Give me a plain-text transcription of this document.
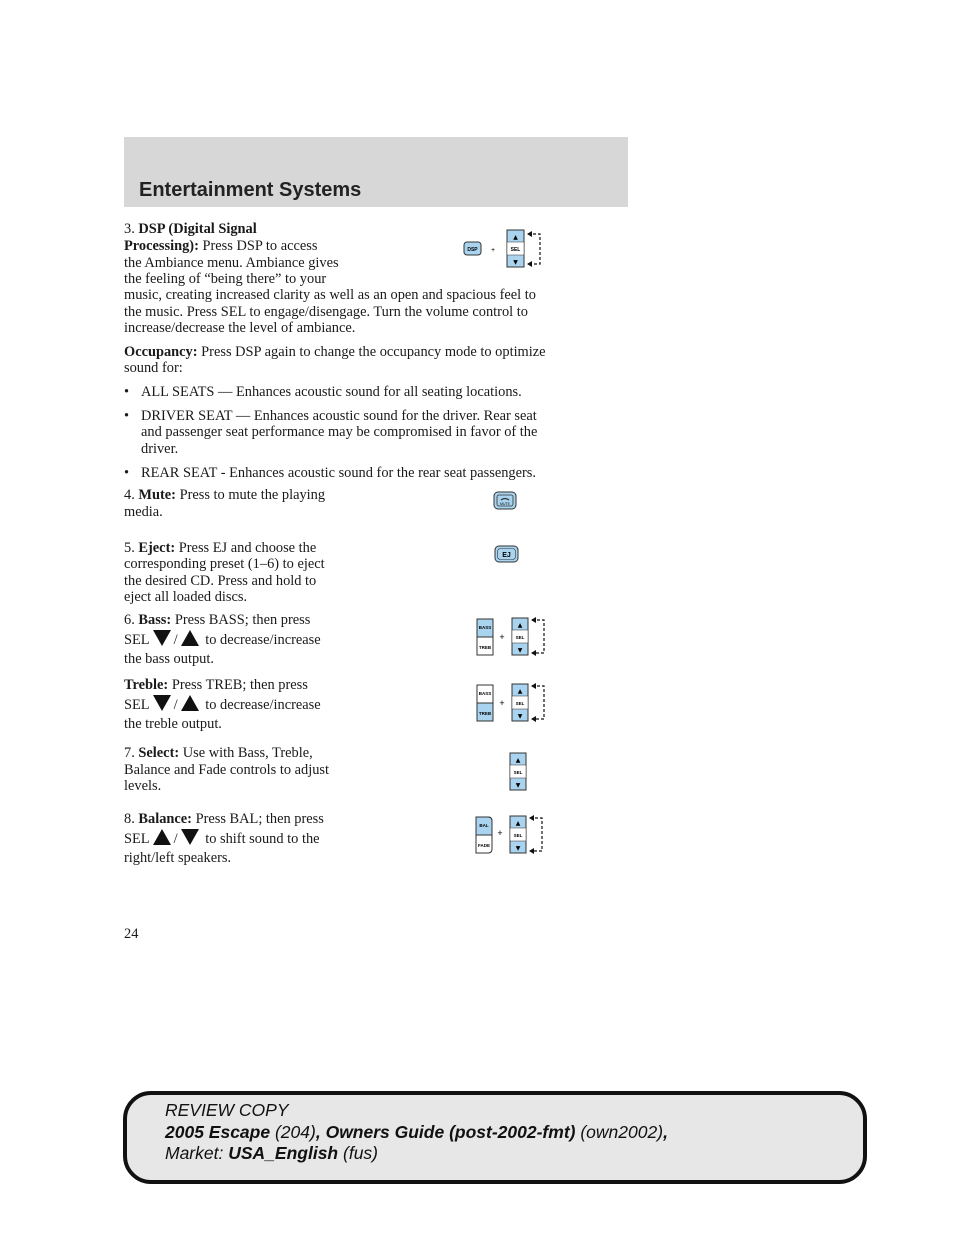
Entertainment Systems
3. DSP (Digital Signal
Processing): Press DSP to access
the Ambiance menu. Ambiance gives
the feeling of “being there” to your
music, creating increased clarity as well as an open and spacious feel to
the music. Press SEL to engage/disengage. Turn the volume control to
increase/decrease the level of ambiance.
DSP +
▲
SEL
▼
Occupancy: Press DSP again to change the occupancy mode to optimize
sound for:
• ALL SEATS — Enhances acoustic sound for all seating locations.
• DRIVER SEAT — Enhances acoustic sound for the driver. Rear seat
and passenger seat performance may be compromised in favor of the
driver.
• REAR SEAT - Enhances acoustic sound for the rear seat passengers.
4. Mute: Press to mute the playing
media.	MUTE
5. Eject: Press EJ and choose the
corresponding preset (1–6) to eject
the desired CD. Press and hold to
eject all loaded discs.
EJ
6. Bass: Press BASS; then press
SEL / to decrease/increase
the bass output.
BASS
TREB
+
▲
SEL
▼
Treble: Press TREB; then press
SEL / to decrease/increase
the treble output.
BASS
TREB
+
▲
SEL
▼
7. Select: Use with Bass, Treble,
Balance and Fade controls to adjust
levels.
▲
SEL
▼
8. Balance: Press BAL; then press
SEL / to shift sound to the
right/left speakers.
BAL
FADE
+
▲
SEL
▼
24
REVIEW COPY
2005 Escape (204), Owners Guide (post-2002-fmt) (own2002),
Market: USA_English (fus)
